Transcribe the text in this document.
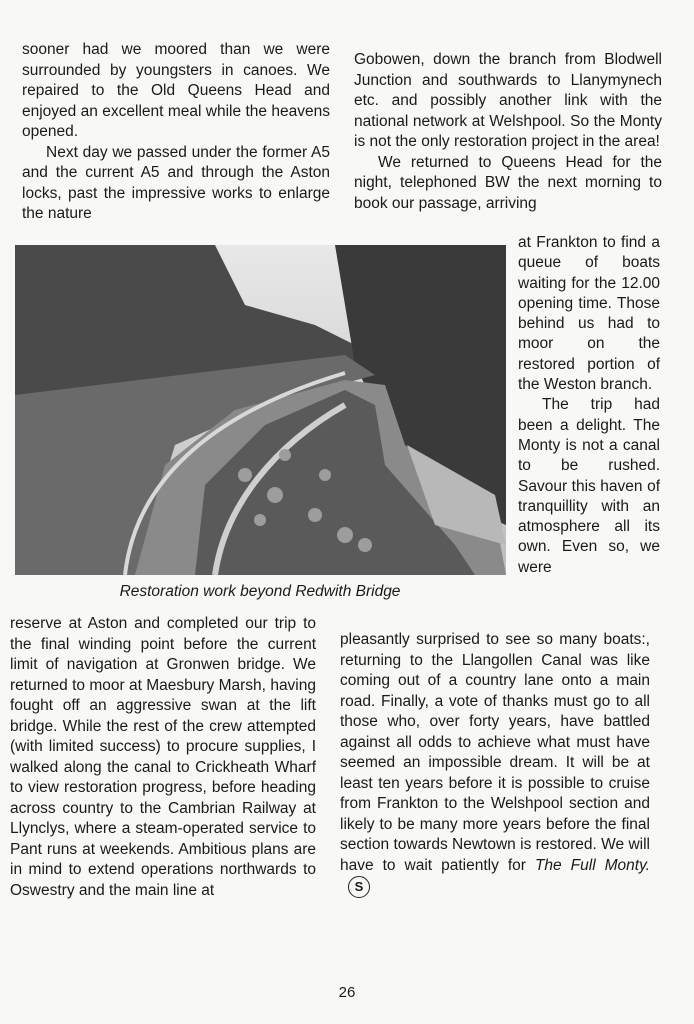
sooner had we moored than we were surrounded by youngsters in canoes. We repaired to the Old Queens Head and enjoyed an excellent meal while the heavens opened.

Next day we passed under the former A5 and the current A5 and through the Aston locks, past the impressive works to enlarge the nature

Gobowen, down the branch from Blodwell Junction and southwards to Llanymynech etc. and possibly another link with the national network at Welshpool. So the Monty is not the only restoration project in the area!

We returned to Queens Head for the night, telephoned BW the next morning to book our passage, arriving

at Frankton to find a queue of boats waiting for the 12.00 opening time. Those behind us had to moor on the restored portion of the Weston branch.

The trip had been a delight. The Monty is not a canal to be rushed. Savour this haven of tranquillity with an atmosphere all its own. Even so, we were

Restoration work beyond Redwith Bridge

reserve at Aston and completed our trip to the final winding point before the current limit of navigation at Gronwen bridge. We returned to moor at Maesbury Marsh, having fought off an aggressive swan at the lift bridge. While the rest of the crew attempted (with limited success) to procure supplies, I walked along the canal to Crickheath Wharf to view restoration progress, before heading across country to the Cambrian Railway at Llynclys, where a steam-operated service to Pant runs at weekends. Ambitious plans are in mind to extend operations northwards to Oswestry and the main line at

pleasantly surprised to see so many boats:, returning to the Llangollen Canal was like coming out of a country lane onto a main road. Finally, a vote of thanks must go to all those who, over forty years, have battled against all odds to achieve what must have seemed an impossible dream. It will be at least ten years before it is possible to cruise from Frankton to the Welshpool section and likely to be many more years before the final section towards Newtown is restored. We will have to wait patiently for The Full Monty. S

26
